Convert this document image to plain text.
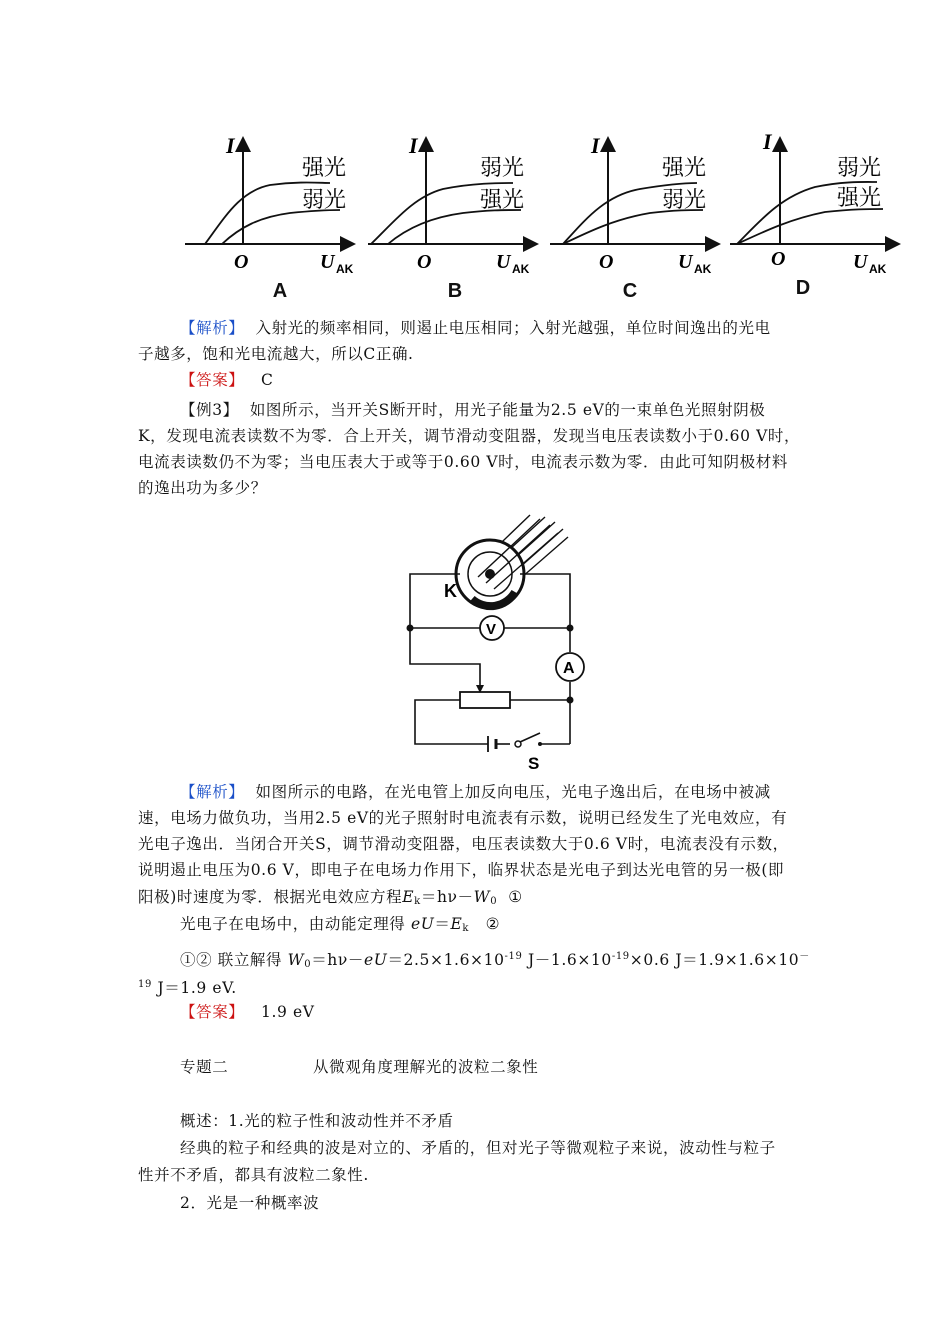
I
O	U AK
强光
弱光
A
I
O	U AK
弱光
强光
B
I
O	U AK
强光
弱光
C
I
O	U AK
弱光
强光
D
【解析】 入射光的频率相同，则遏止电压相同；入射光越强，单位时间逸出的光电
子越多，饱和光电流越大，所以C正确.
【答案】 C
【例3】 如图所示，当开关S断开时，用光子能量为2.5 eV的一束单色光照射阴极
K，发现电流表读数不为零．合上开关，调节滑动变阻器，发现当电压表读数小于0.60 V时，
电流表读数仍不为零；当电压表大于或等于0.60 V时，电流表示数为零．由此可知阴极材料
的逸出功为多少？
K
V
A
S
【解析】 如图所示的电路，在光电管上加反向电压，光电子逸出后，在电场中被减
速，电场力做负功，当用2.5 eV的光子照射时电流表有示数，说明已经发生了光电效应，有
光电子逸出．当闭合开关S，调节滑动变阻器，电压表读数大于0.6 V时，电流表没有示数，
说明遏止电压为0.6 V，即电子在电场力作用下，临界状态是光电子到达光电管的另一极(即
阳极)时速度为零．根据光电效应方程$E_k=h\nu-W_0$ ①
光电子在电场中，由动能定理得 $eU=E_k$ ②
①② 联立解得 $W_0=h\nu-eU=2.5\times 1.6\times 10^{-19}$ $J-1.6\times 10^{-19}\times 0.6$ J＝1.9×1.6×10－
$^{19}$ J＝1.9 eV.
【答案】 1.9 eV
专题二	从微观角度理解光的波粒二象性
概述：1.光的粒子性和波动性并不矛盾
经典的粒子和经典的波是对立的、矛盾的，但对光子等微观粒子来说，波动性与粒子
性并不矛盾，都具有波粒二象性.
2．光是一种概率波
